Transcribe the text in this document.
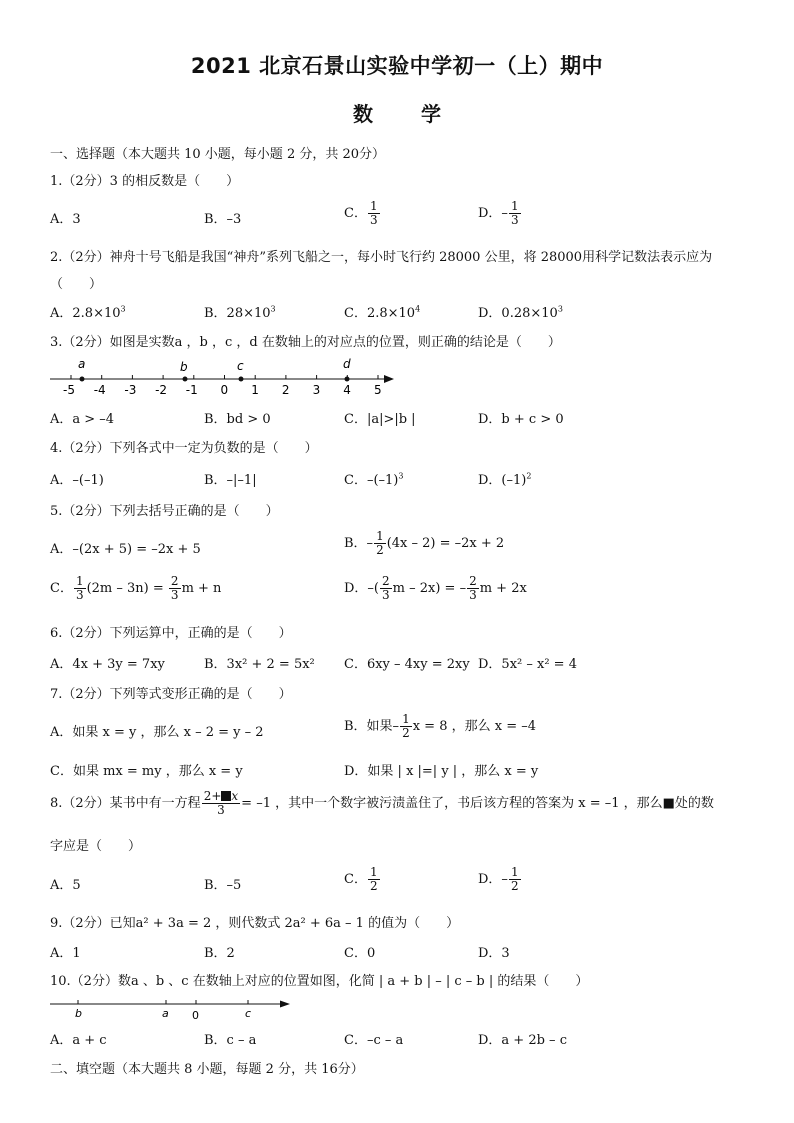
2021 北京石景山实验中学初一（上）期中
数 学
一、选择题（本大题共 10 小题，每小题 2 分，共 20分）
1.（2分）3 的相反数是（　　）
A．3	B．–3	C． $\frac{1}{3}$	D．– $\frac{1}{3}$
2.（2分）神舟十号飞船是我国“神舟”系列飞船之一，每小时飞行约 28000 公里，将 28000用科学记数法表示应为
（　　）
A．$2.8\times 10^3$	B．$28\times 10^3$	C．$2.8\times 10^4$	D．$0.28\times 10^3$
3.（2分）如图是实数a ，b ，c ，d 在数轴上的对应点的位置，则正确的结论是（　　）
-5 -4 -3 -2 -1 0 1 2 3 4 5
a	b	c	d
A．a > –4	B．bd > 0	C．|a|>|b |	D．b + c > 0
4.（2分）下列各式中一定为负数的是（　　）
A．–(–1)	B．–|–1|	C．$-(-1)^3$	D．$(-1)^2$
5.（2分）下列去括号正确的是（　　）
A．–(2x + 5) = –2x + 5	B．– $\frac{1}{2} (4x - 2) = -2x + 2$
C． $\frac{1}{3} (2m - 3n) = \frac{2}{3}$ m + n	D．–( $\frac{2}{3}$ m – 2x) = – $\frac{2}{3}$ m + 2x
6.（2分）下列运算中，正确的是（　　）
A．4x + 3y = 7xy	B．3x² + 2 = 5x² C．6xy – 4xy = 2xy D．5x² – x² = 4
7.（2分）下列等式变形正确的是（　　）
A．如果 x = y ，那么 x – 2 = y – 2	B．如果– $\frac{1}{2}$ x = 8 ，那么 x = –4
C．如果 mx = my ，那么 x = y	D．如果 | x |=| y | ，那么 x = y
8.（2分）某书中有一方程 $\frac{2+ x}{3} = -1$ ，其中一个数字被污渍盖住了，书后该方程的答案为 x = –1 ，那么■处的数
字应是（　　）
A．5	B．–5	C． $\frac{1}{2}$	D．– $\frac{1}{2}$
9.（2分）已知a² + 3a = 2 ，则代数式 2a² + 6a – 1 的值为（　　）
A．1	B．2	C．0	D．3
10.（2分）数a 、b 、c 在数轴上对应的位置如图，化简 | a + b | – | c – b | 的结果（　　）
b	a 0	c
A．a + c	B．c – a	C．–c – a	D．a + 2b – c
二、填空题（本大题共 8 小题，每题 2 分，共 16分）
